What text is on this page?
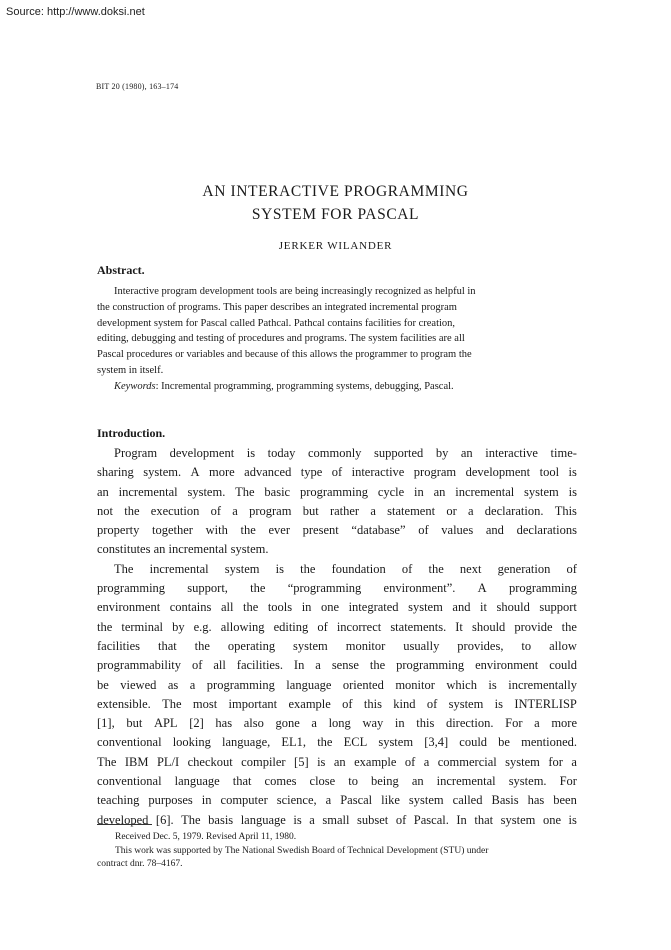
Source: http://www.doksi.net
BIT 20 (1980), 163–174
AN INTERACTIVE PROGRAMMING
SYSTEM FOR PASCAL
JERKER WILANDER
Abstract.
Interactive program development tools are being increasingly recognized as helpful in
the construction of programs. This paper describes an integrated incremental program
development system for Pascal called Pathcal. Pathcal contains facilities for creation,
editing, debugging and testing of procedures and programs. The system facilities are all
Pascal procedures or variables and because of this allows the programmer to program the
system in itself.
Keywords: Incremental programming, programming systems, debugging, Pascal.
Introduction.
Program development is today commonly supported by an interactive time-
sharing system. A more advanced type of interactive program development tool is
an incremental system. The basic programming cycle in an incremental system is
not the execution of a program but rather a statement or a declaration. This
property together with the ever present “database” of values and declarations
constitutes an incremental system.
The incremental system is the foundation of the next generation of
programming support, the “programming environment”. A programming
environment contains all the tools in one integrated system and it should support
the terminal by e.g. allowing editing of incorrect statements. It should provide the
facilities that the operating system monitor usually provides, to allow
programmability of all facilities. In a sense the programming environment could
be viewed as a programming language oriented monitor which is incrementally
extensible. The most important example of this kind of system is INTERLISP
[1], but APL [2] has also gone a long way in this direction. For a more
conventional looking language, EL1, the ECL system [3,4] could be mentioned.
The IBM PL/I checkout compiler [5] is an example of a commercial system for a
conventional language that comes close to being an incremental system. For
teaching purposes in computer science, a Pascal like system called Basis has been
developed [6]. The basis language is a small subset of Pascal. In that system one is
Received Dec. 5, 1979. Revised April 11, 1980.
This work was supported by The National Swedish Board of Technical Development (STU) under
contract dnr. 78–4167.
